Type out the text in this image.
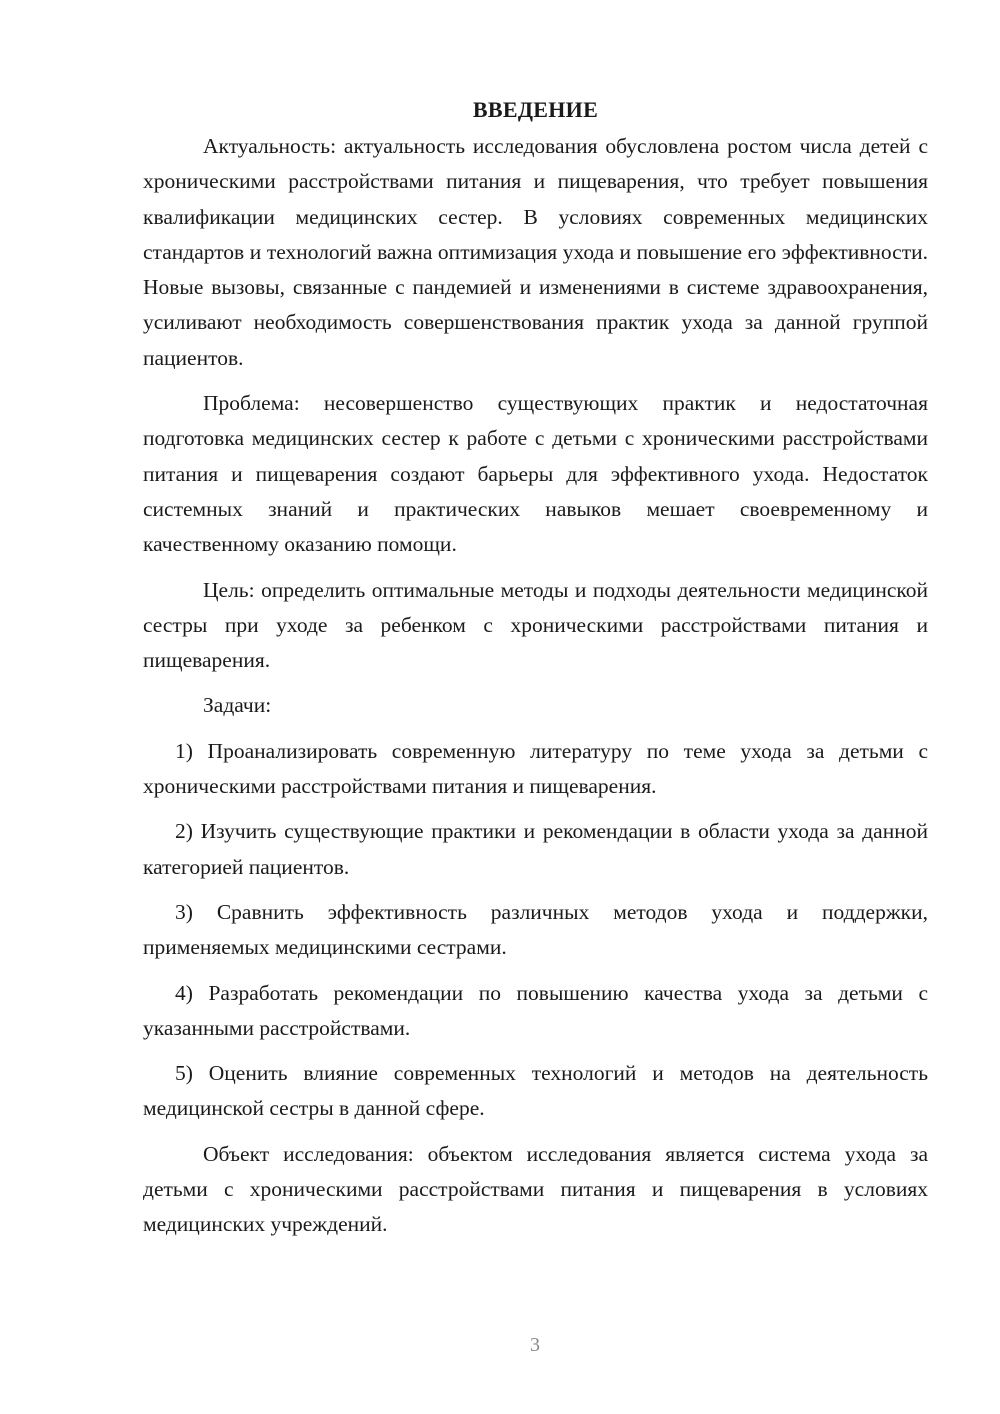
ВВЕДЕНИЕ

Актуальность: актуальность исследования обусловлена ростом числа детей с хроническими расстройствами питания и пищеварения, что требует повышения квалификации медицинских сестер. В условиях современных медицинских стандартов и технологий важна оптимизация ухода и повышение его эффективности. Новые вызовы, связанные с пандемией и изменениями в системе здравоохранения, усиливают необходимость совершенствования практик ухода за данной группой пациентов.

Проблема: несовершенство существующих практик и недостаточная подготовка медицинских сестер к работе с детьми с хроническими расстройствами питания и пищеварения создают барьеры для эффективного ухода. Недостаток системных знаний и практических навыков мешает своевременному и качественному оказанию помощи.

Цель: определить оптимальные методы и подходы деятельности медицинской сестры при уходе за ребенком с хроническими расстройствами питания и пищеварения.

Задачи:

1) Проанализировать современную литературу по теме ухода за детьми с хроническими расстройствами питания и пищеварения.

2) Изучить существующие практики и рекомендации в области ухода за данной категорией пациентов.

3) Сравнить эффективность различных методов ухода и поддержки, применяемых медицинскими сестрами.

4) Разработать рекомендации по повышению качества ухода за детьми с указанными расстройствами.

5) Оценить влияние современных технологий и методов на деятельность медицинской сестры в данной сфере.

Объект исследования: объектом исследования является система ухода за детьми с хроническими расстройствами питания и пищеварения в условиях медицинских учреждений.

3
